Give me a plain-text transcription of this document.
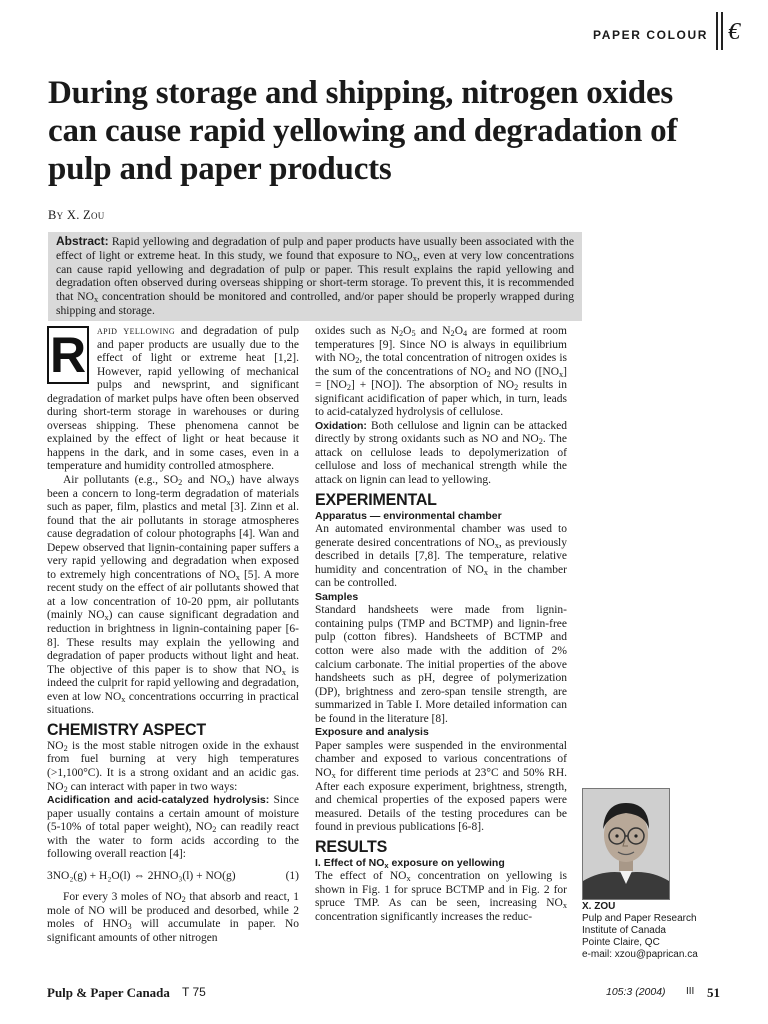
PAPER COLOUR €
During storage and shipping, nitrogen oxides can cause rapid yellowing and degradation of pulp and paper products
By X. Zou
Abstract: Rapid yellowing and degradation of pulp and paper products have usually been associated with the effect of light or extreme heat. In this study, we found that exposure to $NO_x$, even at very low concentrations can cause rapid yellowing and degradation of pulp or paper. This result explains the rapid yellowing and degradation often observed during overseas shipping or short-term storage. To prevent this, it is recommended that $NO_x$ concentration should be monitored and controlled, and/or paper should be properly wrapped during shipping and storage.

R apid yellowing and degradation of pulp and paper products are usually due to the effect of light or extreme heat [1,2]. However, rapid yellowing of mechanical pulps and newsprint, and significant degradation of market pulps have often been observed during short-term storage in warehouses or during overseas shipping. These phenomena cannot be explained by the effect of light or heat because it happens in the dark, and in some cases, even in a temperature and humidity controlled atmosphere.

Air pollutants (e.g., $SO_2$ and $NO_x$) have always been a concern to long-term degradation of materials such as paper, film, plastics and metal [3]. Zinn et al. found that the air pollutants in storage atmospheres cause degradation of colour photographs [4]. Wan and Depew observed that lignin-containing paper suffers a very rapid yellowing and degradation when exposed to extremely high concentrations of $NO_x$ [5]. A more recent study on the effect of air pollutants showed that at a low concentration of 10-20 ppm, air pollutants (mainly $NO_x$) can cause significant degradation and reduction in brightness in lignin-containing paper [6-8]. These results may explain the yellowing and degradation of paper products without light and heat. The objective of this paper is to show that $NO_x$ is indeed the culprit for rapid yellowing and degradation, even at low $NO_x$ concentrations occurring in practical situations.

CHEMISTRY ASPECT

$NO_2$ is the most stable nitrogen oxide in the exhaust from fuel burning at very high temperatures (>1,100°C). It is a strong oxidant and an acidic gas. $NO_2$ can interact with paper in two ways:

Acidification and acid-catalyzed hydrolysis: Since paper usually contains a certain amount of moisture (5-10% of total paper weight), $NO_2$ can readily react with the water to form acids according to the following overall reaction [4]:

3NO₂(g) + H₂O(l) ⇔ 2HNO₃(l) + NO(g)	(1)

For every 3 moles of $NO_2$ that absorb and react, 1 mole of NO will be produced and desorbed, while 2 moles of $HNO_3$ will accumulate in paper. No significant amounts of other nitrogen

oxides such as $N_2O_5$ and $N_2O_4$ are formed at room temperatures [9]. Since NO is always in equilibrium with $NO_2$, the total concentration of nitrogen oxides is the sum of the concentrations of $NO_2$ and NO $([NO_x] = [NO_2] + [NO])$. The absorption of $NO_2$ results in significant acidification of paper which, in turn, leads to acid-catalyzed hydrolysis of cellulose.

Oxidation: Both cellulose and lignin can be attacked directly by strong oxidants such as NO and $NO_2$. The attack on cellulose leads to depolymerization of cellulose and loss of mechanical strength while the attack on lignin can lead to yellowing.

EXPERIMENTAL
Apparatus — environmental chamber

An automated environmental chamber was used to generate desired concentrations of $NO_x$, as previously described in details [7,8]. The temperature, relative humidity and concentration of $NO_x$ in the chamber can be controlled.

Samples

Standard handsheets were made from lignin-containing pulps (TMP and BCTMP) and lignin-free pulp (cotton fibres). Handsheets of BCTMP and cotton were also made with the addition of 2% calcium carbonate. The initial properties of the above handsheets such as pH, degree of polymerization (DP), brightness and zero-span tensile strength, are summarized in Table I. More detailed information can be found in the literature [8].

Exposure and analysis

Paper samples were suspended in the environmental chamber and exposed to various concentrations of $NO_x$ for different time periods at 23°C and 50% RH. After each exposure experiment, brightness, strength, and chemical properties of the exposed papers were measured. Details of the testing procedures can be found in previous publications [6-8].

RESULTS
I. Effect of $NO_x$ exposure on yellowing

The effect of $NO_x$ concentration on yellowing is shown in Fig. 1 for spruce BCTMP and in Fig. 2 for spruce TMP. As can be seen, increasing $NO_x$ concentration significantly increases the reduc-

X. ZOU
Pulp and Paper Research
Institute of Canada
Pointe Claire, QC
e-mail: xzou@paprican.ca
Pulp & Paper Canada T 75	105:3 (2004) III 51
